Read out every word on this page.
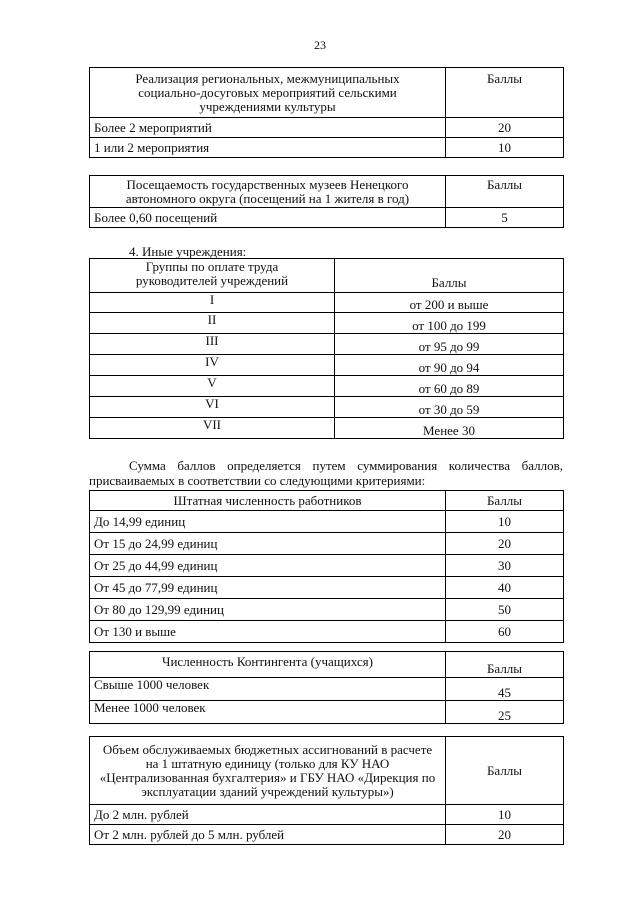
23
Реализация региональных, межмуниципальных социально-досуговых мероприятий сельскими учреждениями культуры	Баллы
Более 2 мероприятий	20
1 или 2 мероприятия	10
Посещаемость государственных музеев Ненецкого автономного округа (посещений на 1 жителя в год)	Баллы
Более 0,60 посещений	5
4. Иные учреждения:
Группы по оплате труда руководителей учреждений	Баллы
I	от 200 и выше
II	от 100 до 199
III	от 95 до 99
IV	от 90 до 94
V	от 60 до 89
VI	от 30 до 59
VII	Менее 30
Сумма баллов определяется путем суммирования количества баллов, присваиваемых в соответствии со следующими критериями:
Штатная численность работников	Баллы
До 14,99 единиц	10
От 15 до 24,99 единиц	20
От 25 до 44,99 единиц	30
От 45 до 77,99 единиц	40
От 80 до 129,99 единиц	50
От 130 и выше	60
Численность Контингента (учащихся)	Баллы
Свыше 1000 человек	45
Менее 1000 человек	25
Объем обслуживаемых бюджетных ассигнований в расчете на 1 штатную единицу (только для КУ НАО «Централизованная бухгалтерия» и ГБУ НАО «Дирекция по эксплуатации зданий учреждений культуры»)	Баллы
До 2 млн. рублей	10
От 2 млн. рублей до 5 млн. рублей	20
